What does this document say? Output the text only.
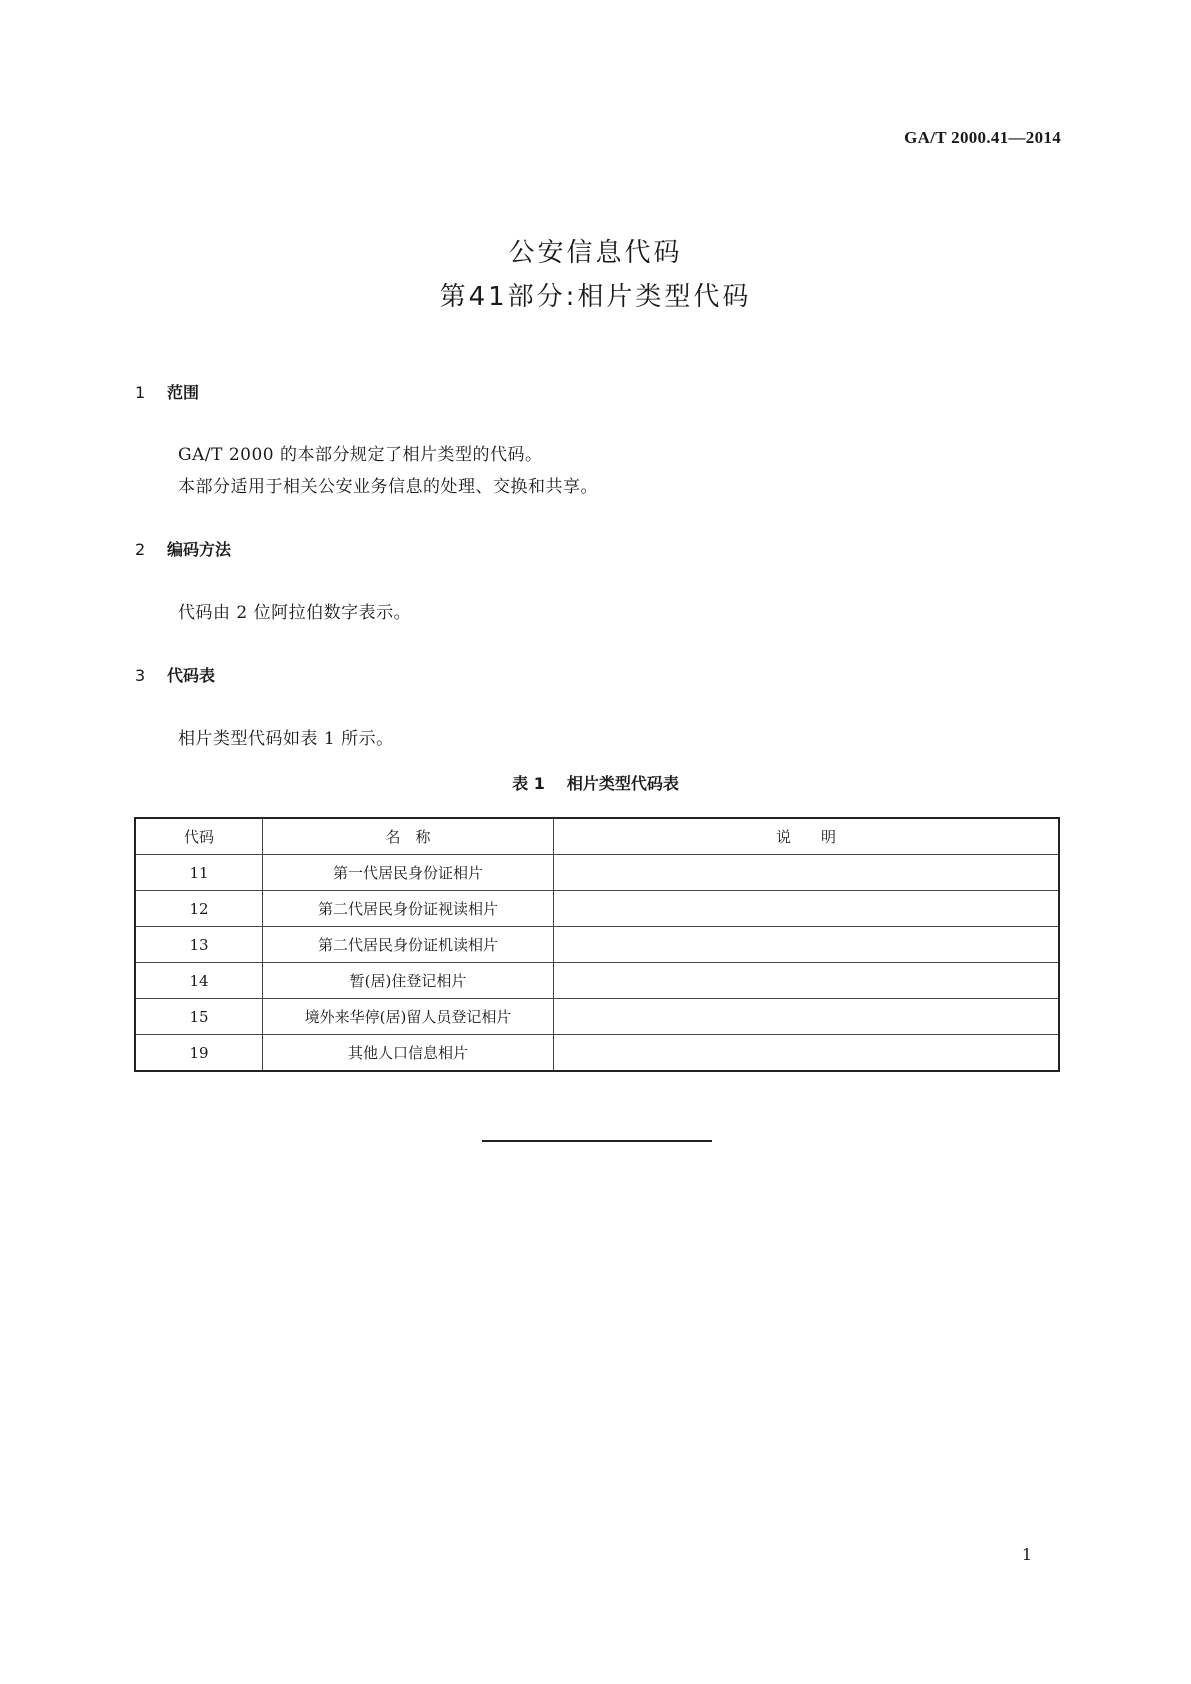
GA/T 2000.41—2014
公安信息代码
第41部分:相片类型代码
1 范围
GA/T 2000 的本部分规定了相片类型的代码。
本部分适用于相关公安业务信息的处理、交换和共享。
2 编码方法
代码由 2 位阿拉伯数字表示。
3 代码表
相片类型代码如表 1 所示。
表 1 相片类型代码表
代码	名　称	说　　明
11	第一代居民身份证相片	
12	第二代居民身份证视读相片	
13	第二代居民身份证机读相片	
14	暂(居)住登记相片	
15	境外来华停(居)留人员登记相片	
19	其他人口信息相片	
1
